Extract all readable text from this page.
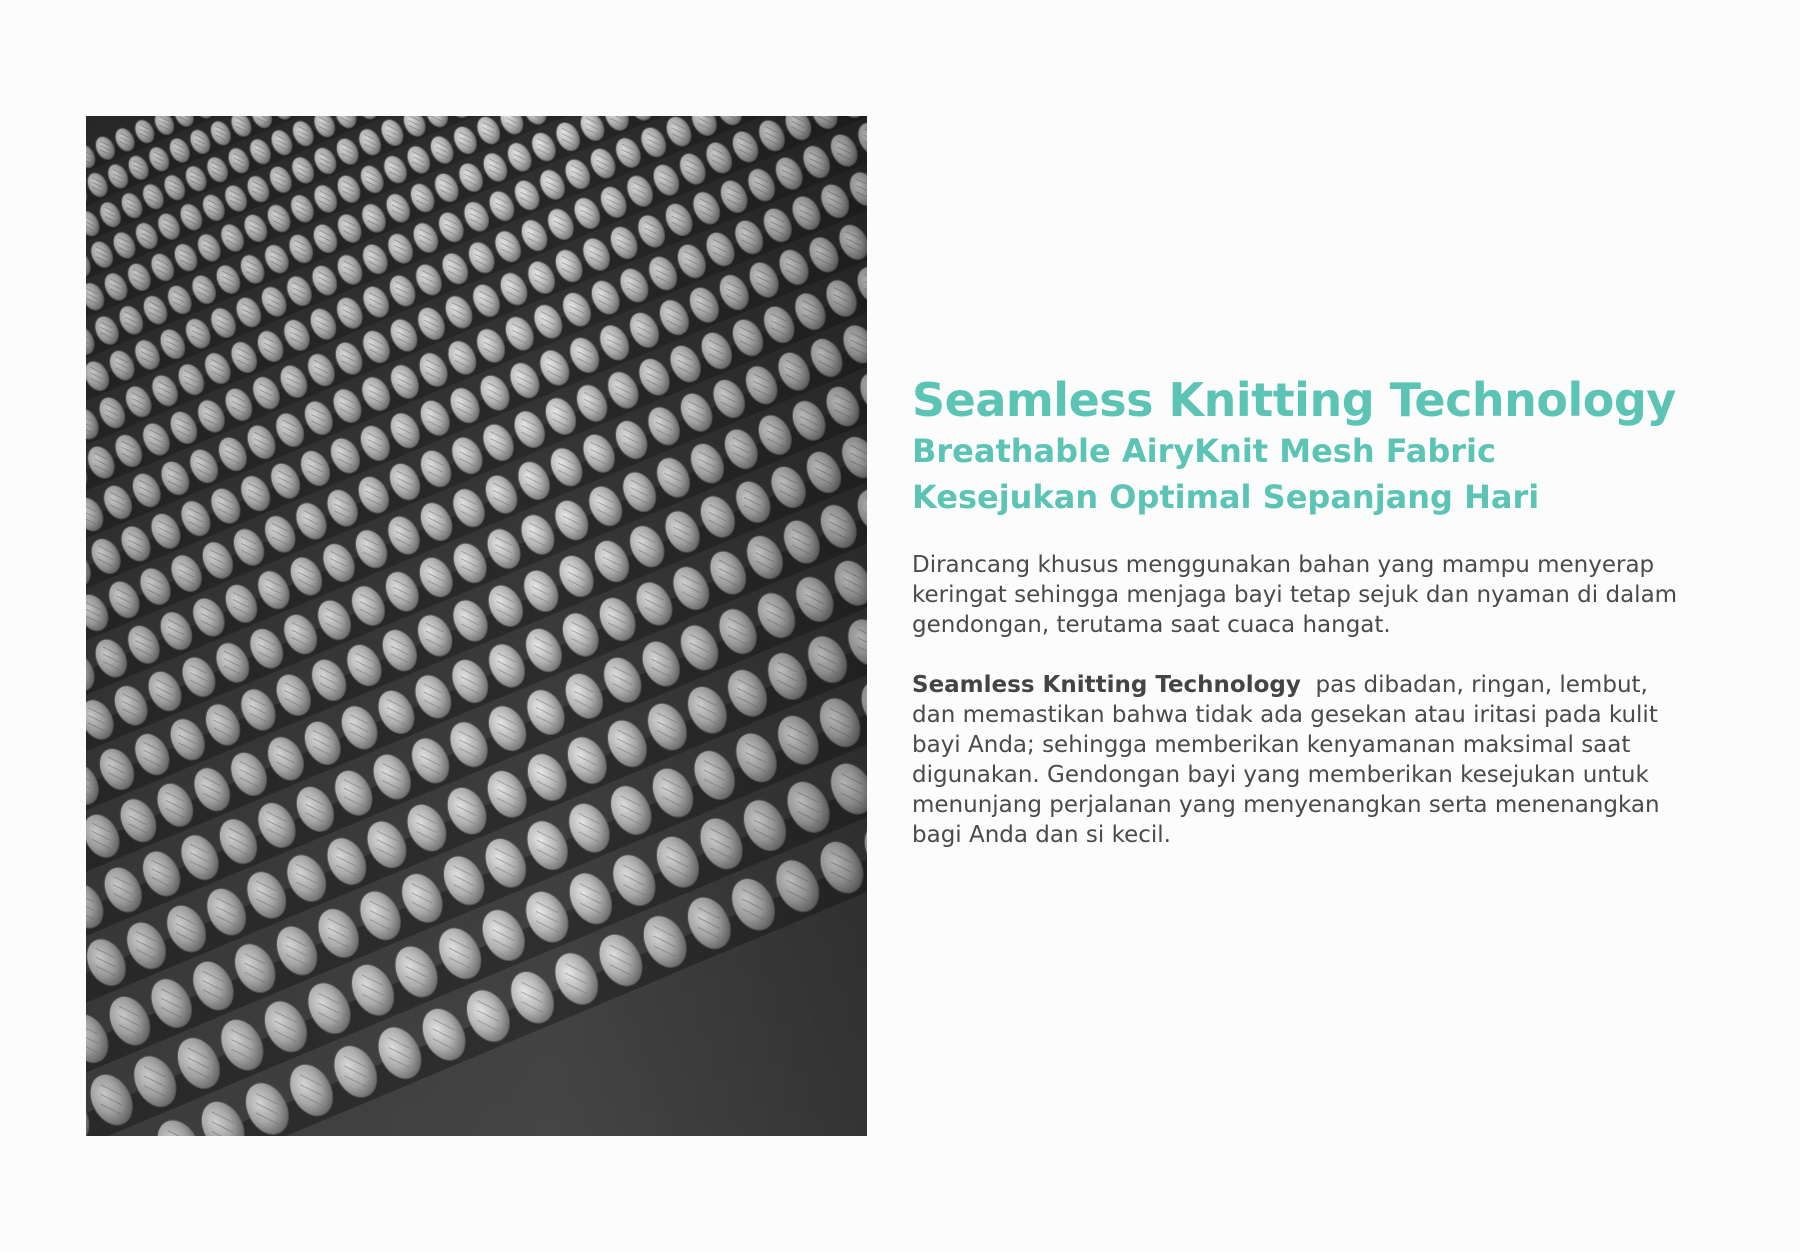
Seamless Knitting Technology
Breathable AiryKnit Mesh Fabric
Kesejukan Optimal Sepanjang Hari

Dirancang khusus menggunakan bahan yang mampu menyerap keringat sehingga menjaga bayi tetap sejuk dan nyaman di dalam gendongan, terutama saat cuaca hangat.

Seamless Knitting Technology  pas dibadan, ringan, lembut, dan memastikan bahwa tidak ada gesekan atau iritasi pada kulit bayi Anda; sehingga memberikan kenyamanan maksimal saat digunakan. Gendongan bayi yang memberikan kesejukan untuk menunjang perjalanan yang menyenangkan serta menenangkan bagi Anda dan si kecil.
